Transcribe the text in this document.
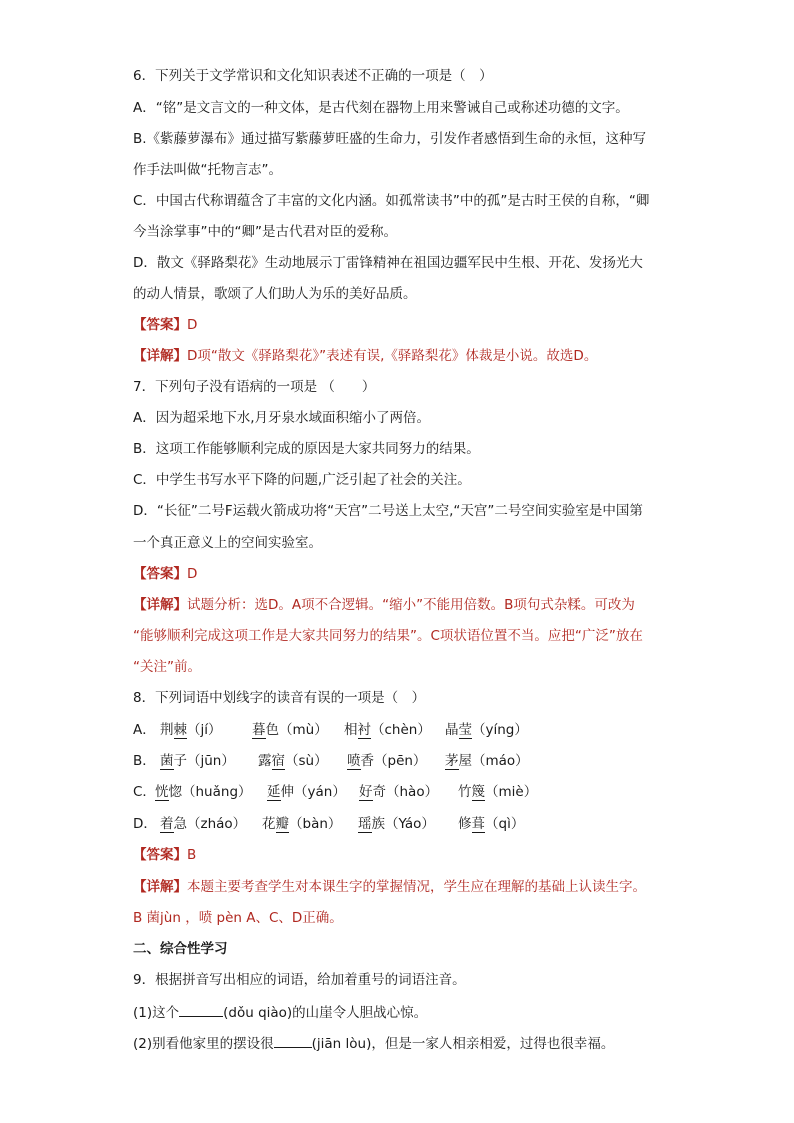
6．下列关于文学常识和文化知识表述不正确的一项是（　）
A．“铭”是文言文的一种文体，是古代刻在器物上用来警诫自己或称述功德的文字。
B.《紫藤萝瀑布》通过描写紫藤萝旺盛的生命力，引发作者感悟到生命的永恒，这种写
作手法叫做“托物言志”。
C．中国古代称谓蕴含了丰富的文化内涵。如孤常读书”中的孤”是古时王侯的自称，“卿
今当涂掌事”中的“卿”是古代君对臣的爱称。
D．散文《驿路梨花》生动地展示丁雷锋精神在祖国边疆军民中生根、开花、发扬光大
的动人情景，歌颂了人们助人为乐的美好品质。
【答案】D
【详解】D项“散文《驿路梨花》”表述有误,《驿路梨花》体裁是小说。故选D。
7．下列句子没有语病的一项是 （　　）
A．因为超采地下水,月牙泉水域面积缩小了两倍。
B．这项工作能够顺利完成的原因是大家共同努力的结果。
C．中学生书写水平下降的问题,广泛引起了社会的关注。
D．“长征”二号F运载火箭成功将“天宫”二号送上太空,“天宫”二号空间实验室是中国第
一个真正意义上的空间实验室。
【答案】D
【详解】试题分析：选D。A项不合逻辑。“缩小”不能用倍数。B项句式杂糅。可改为
“能够顺利完成这项工作是大家共同努力的结果”。C项状语位置不当。应把“广泛”放在
“关注”前。
8．下列词语中划线字的读音有误的一项是（　）
A． 荆棘（jí） 暮色（mù） 相衬（chèn） 晶莹（yíng）
B． 菌子（jūn） 露宿（sù） 喷香（pēn） 茅屋（máo）
C． 恍惚（huǎng） 延伸（yán） 好奇（hào） 竹篾（miè）
D． 着急（zháo） 花瓣（bàn） 瑶族（Yáo） 修葺（qì）
【答案】B
【详解】本题主要考查学生对本课生字的掌握情况，学生应在理解的基础上认读生字。
B 菌jùn ，喷 pèn A、C、D正确。
二、综合性学习
9．根据拼音写出相应的词语，给加着重号的词语注音。
(1)这个	(dǒu qiào)的山崖令人胆战心惊。
(2)别看他家里的摆设很	(jiān lòu)，但是一家人相亲相爱，过得也很幸福。
